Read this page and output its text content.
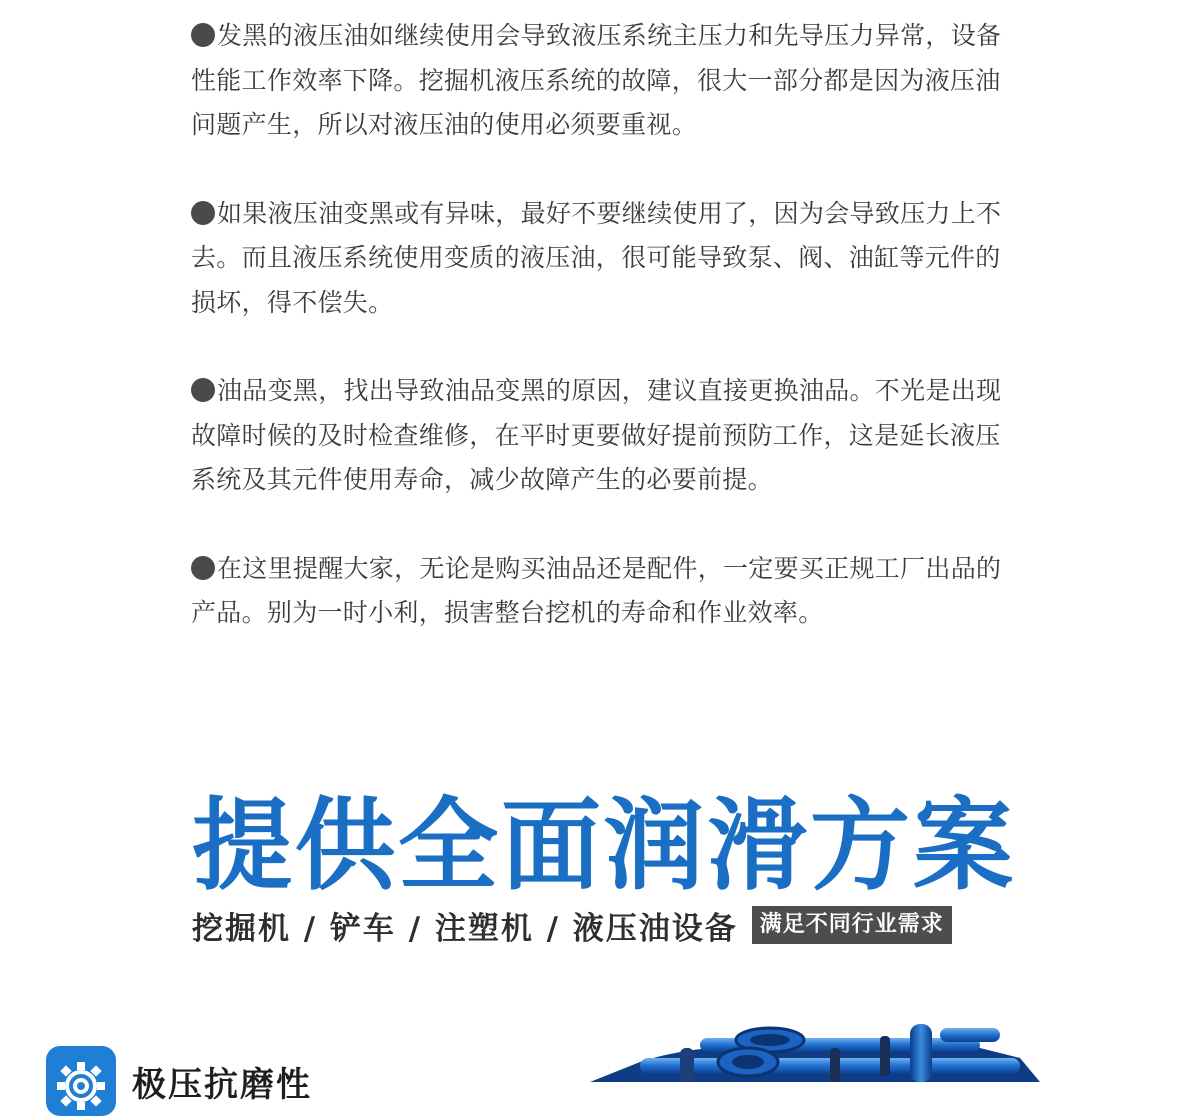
发黑的液压油如继续使用会导致液压系统主压力和先导压力异常，设备性能工作效率下降。挖掘机液压系统的故障，很大一部分都是因为液压油问题产生，所以对液压油的使用必须要重视。

如果液压油变黑或有异味，最好不要继续使用了，因为会导致压力上不去。而且液压系统使用变质的液压油，很可能导致泵、阀、油缸等元件的损坏，得不偿失。

油品变黑，找出导致油品变黑的原因，建议直接更换油品。不光是出现故障时候的及时检查维修，在平时更要做好提前预防工作，这是延长液压系统及其元件使用寿命，减少故障产生的必要前提。

在这里提醒大家，无论是购买油品还是配件，一定要买正规工厂出品的产品。别为一时小利，损害整台挖机的寿命和作业效率。

提供全面润滑方案
挖掘机 / 铲车 / 注塑机 / 液压油设备	满足不同行业需求
极压抗磨性
